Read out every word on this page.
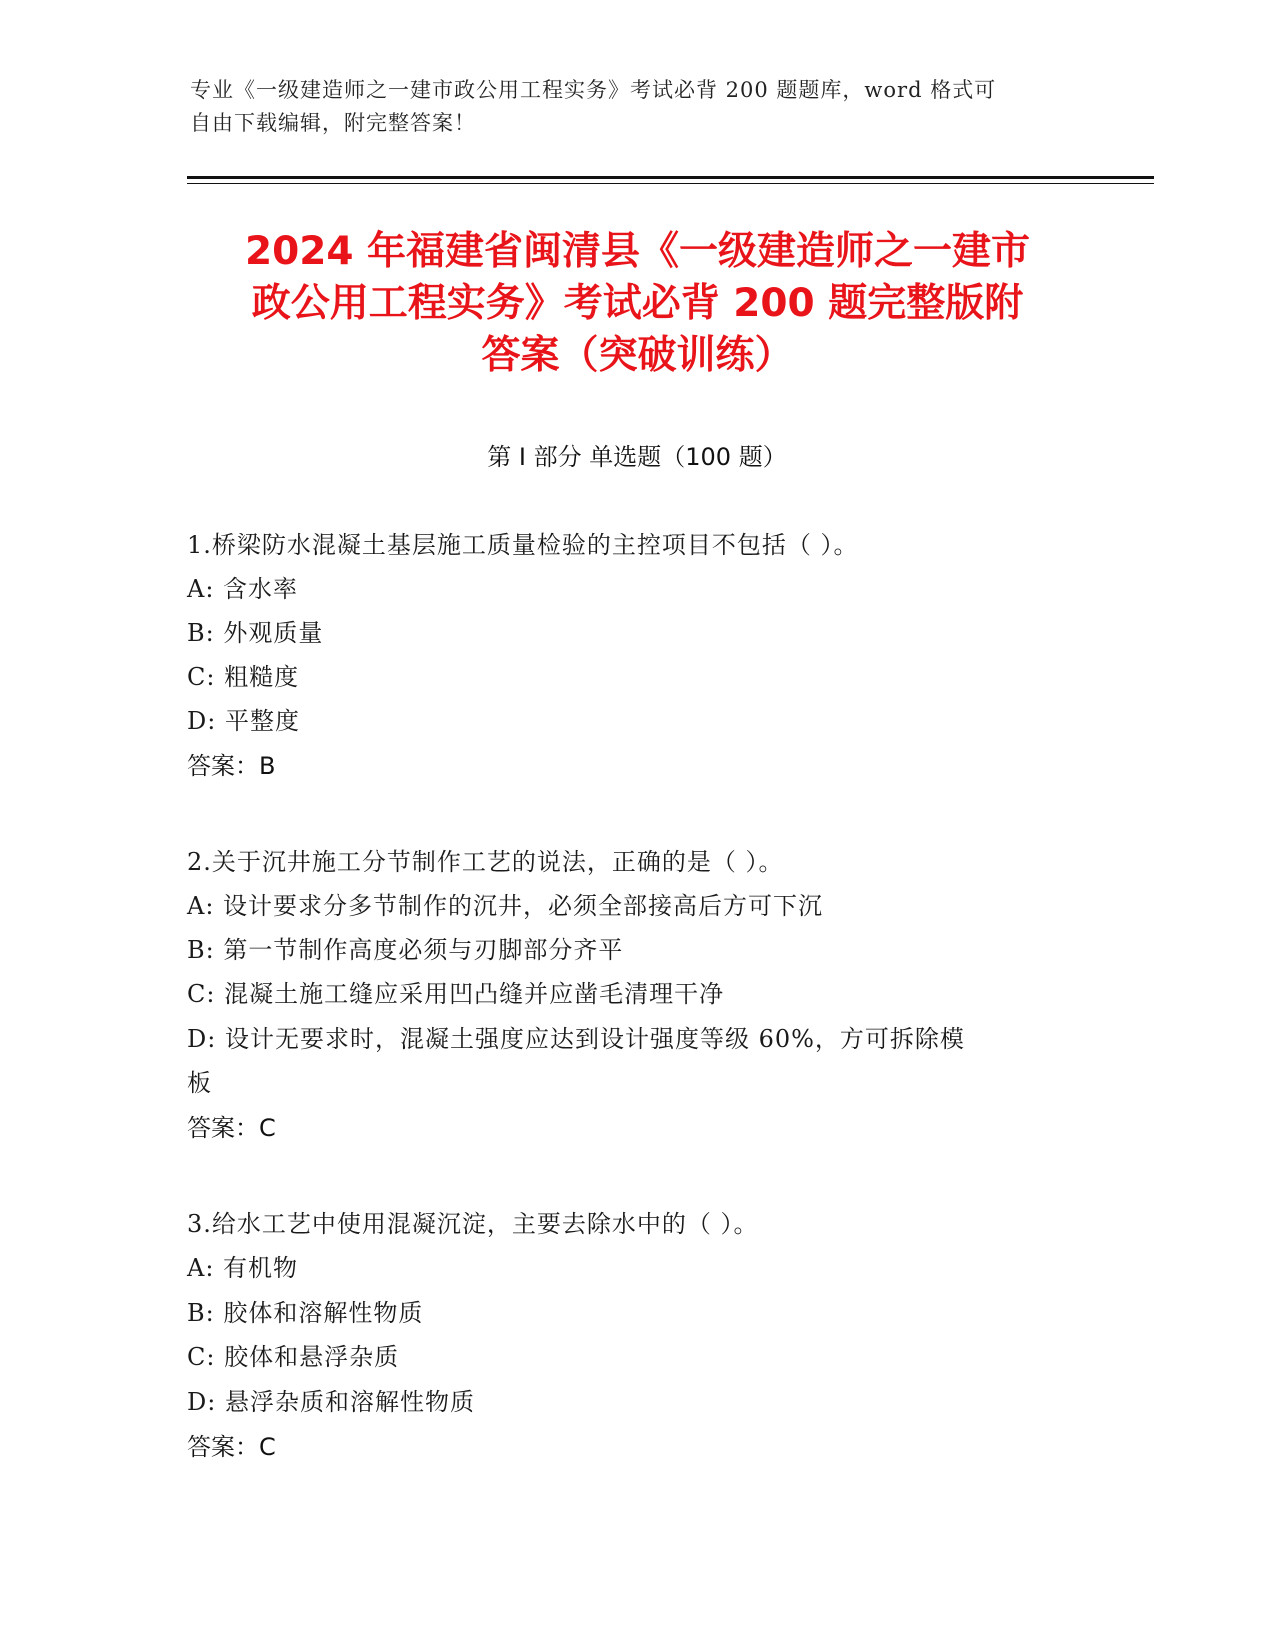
专业《一级建造师之一建市政公用工程实务》考试必背 200 题题库，word 格式可
自由下载编辑，附完整答案！
2024 年福建省闽清县《一级建造师之一建市
政公用工程实务》考试必背 200 题完整版附
答案（突破训练）
第 I 部分 单选题（100 题）
1.桥梁防水混凝土基层施工质量检验的主控项目不包括（ ）。
A: 含水率
B: 外观质量
C: 粗糙度
D: 平整度
答案：B
2.关于沉井施工分节制作工艺的说法，正确的是（ ）。
A: 设计要求分多节制作的沉井，必须全部接高后方可下沉
B: 第一节制作高度必须与刃脚部分齐平
C: 混凝土施工缝应采用凹凸缝并应凿毛清理干净
D: 设计无要求时，混凝土强度应达到设计强度等级 60%，方可拆除模
板
答案：C
3.给水工艺中使用混凝沉淀，主要去除水中的（ ）。
A: 有机物
B: 胶体和溶解性物质
C: 胶体和悬浮杂质
D: 悬浮杂质和溶解性物质
答案：C
